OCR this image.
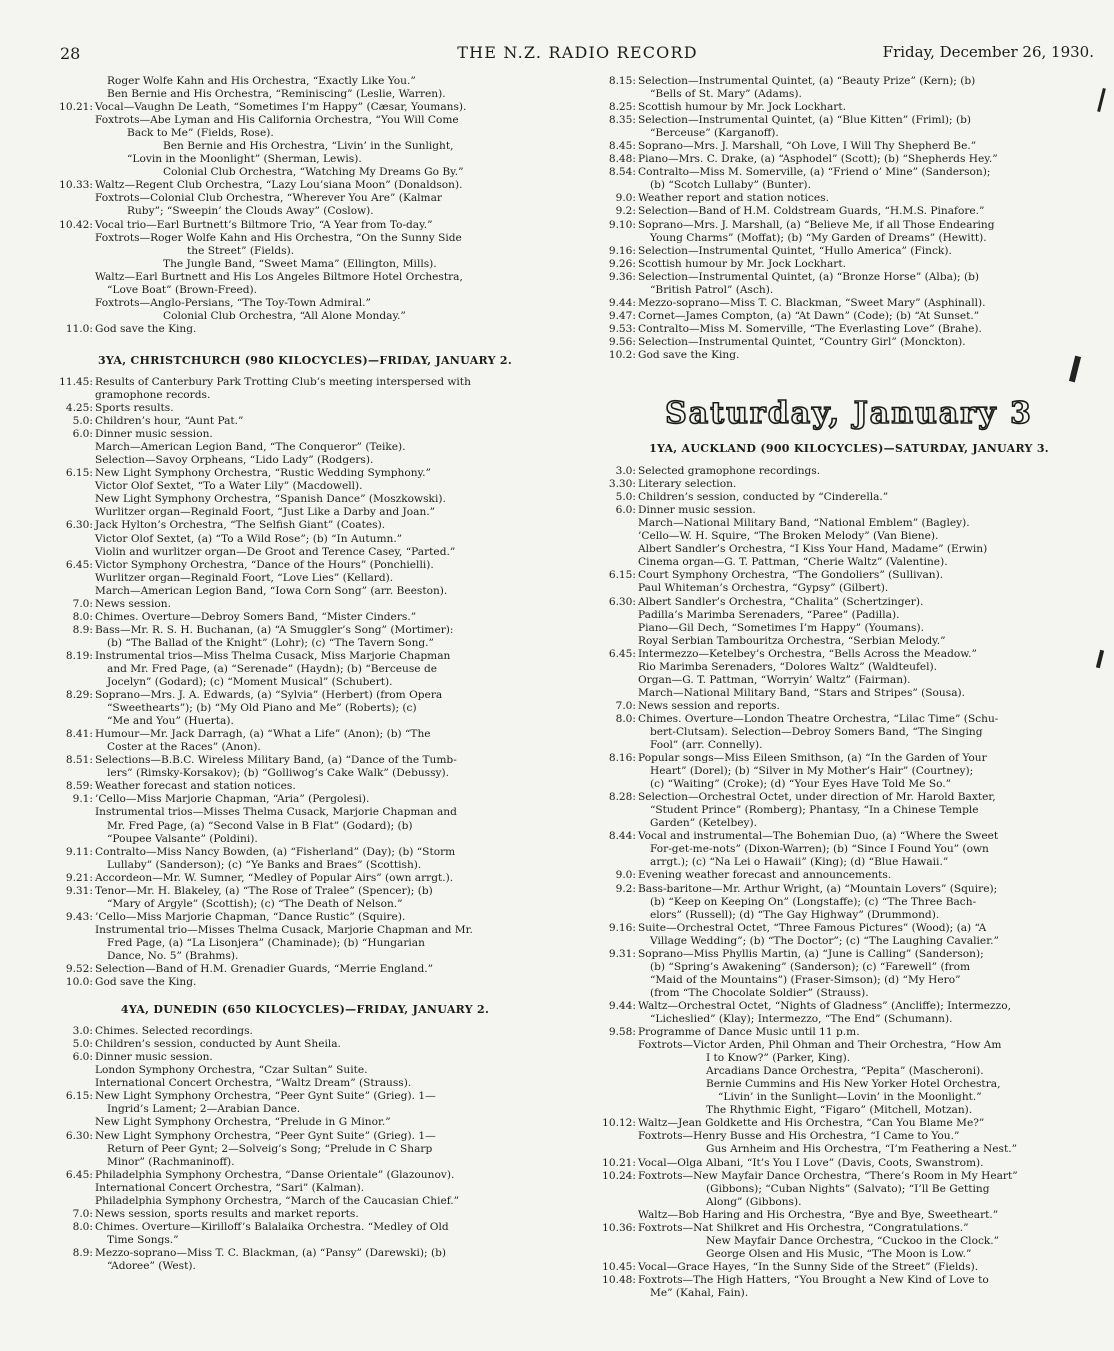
28	THE N.Z. RADIO RECORD	Friday, December 26, 1930.
Roger Wolfe Kahn and His Orchestra, “Exactly Like You.”
Ben Bernie and His Orchestra, “Reminiscing” (Leslie, Warren).
10.21: Vocal—Vaughn De Leath, “Sometimes I’m Happy” (Cæsar, Youmans).
Foxtrots—Abe Lyman and His California Orchestra, “You Will Come
Back to Me” (Fields, Rose).
Ben Bernie and His Orchestra, “Livin’ in the Sunlight,
“Lovin in the Moonlight” (Sherman, Lewis).
Colonial Club Orchestra, “Watching My Dreams Go By.”
10.33: Waltz—Regent Club Orchestra, “Lazy Lou’siana Moon” (Donaldson).
Foxtrots—Colonial Club Orchestra, “Wherever You Are” (Kalmar
Ruby”; “Sweepin’ the Clouds Away” (Coslow).
10.42: Vocal trio—Earl Burtnett’s Biltmore Trio, “A Year from To-day.”
Foxtrots—Roger Wolfe Kahn and His Orchestra, “On the Sunny Side
the Street” (Fields).
The Jungle Band, “Sweet Mama” (Ellington, Mills).
Waltz—Earl Burtnett and His Los Angeles Biltmore Hotel Orchestra,
“Love Boat” (Brown-Freed).
Foxtrots—Anglo-Persians, “The Toy-Town Admiral.”
Colonial Club Orchestra, “All Alone Monday.”
11.0: God save the King.
3YA, CHRISTCHURCH (980 KILOCYCLES)—FRIDAY, JANUARY 2.
11.45: Results of Canterbury Park Trotting Club’s meeting interspersed with
gramophone records.
4.25: Sports results.
5.0: Children’s hour, “Aunt Pat.”
6.0: Dinner music session.
March—American Legion Band, “The Conqueror” (Teike).
Selection—Savoy Orpheans, “Lido Lady” (Rodgers).
6.15: New Light Symphony Orchestra, “Rustic Wedding Symphony.”
Victor Olof Sextet, “To a Water Lily” (Macdowell).
New Light Symphony Orchestra, “Spanish Dance” (Moszkowski).
Wurlitzer organ—Reginald Foort, “Just Like a Darby and Joan.”
6.30: Jack Hylton’s Orchestra, “The Selfish Giant” (Coates).
Victor Olof Sextet, (a) “To a Wild Rose”; (b) “In Autumn.”
Violin and wurlitzer organ—De Groot and Terence Casey, “Parted.”
6.45: Victor Symphony Orchestra, “Dance of the Hours” (Ponchielli).
Wurlitzer organ—Reginald Foort, “Love Lies” (Kellard).
March—American Legion Band, “Iowa Corn Song” (arr. Beeston).
7.0: News session.
8.0: Chimes. Overture—Debroy Somers Band, “Mister Cinders.”
8.9: Bass—Mr. R. S. H. Buchanan, (a) “A Smuggler’s Song” (Mortimer):
(b) “The Ballad of the Knight” (Lohr); (c) “The Tavern Song.”
8.19: Instrumental trios—Miss Thelma Cusack, Miss Marjorie Chapman
and Mr. Fred Page, (a) “Serenade” (Haydn); (b) “Berceuse de
Jocelyn” (Godard); (c) “Moment Musical” (Schubert).
8.29: Soprano—Mrs. J. A. Edwards, (a) “Sylvia” (Herbert) (from Opera
“Sweethearts”); (b) “My Old Piano and Me” (Roberts); (c)
“Me and You” (Huerta).
8.41: Humour—Mr. Jack Darragh, (a) “What a Life” (Anon); (b) “The
Coster at the Races” (Anon).
8.51: Selections—B.B.C. Wireless Military Band, (a) “Dance of the Tumb-
lers” (Rimsky-Korsakov); (b) “Golliwog’s Cake Walk” (Debussy).
8.59: Weather forecast and station notices.
9.1: ’Cello—Miss Marjorie Chapman, “Aria” (Pergolesi).
Instrumental trios—Misses Thelma Cusack, Marjorie Chapman and
Mr. Fred Page, (a) “Second Valse in B Flat” (Godard); (b)
“Poupee Valsante” (Poldini).
9.11: Contralto—Miss Nancy Bowden, (a) “Fisherland” (Day); (b) “Storm
Lullaby” (Sanderson); (c) “Ye Banks and Braes” (Scottish).
9.21: Accordeon—Mr. W. Sumner, “Medley of Popular Airs” (own arrgt.).
9.31: Tenor—Mr. H. Blakeley, (a) “The Rose of Tralee” (Spencer); (b)
“Mary of Argyle” (Scottish); (c) “The Death of Nelson.”
9.43: ’Cello—Miss Marjorie Chapman, “Dance Rustic” (Squire).
Instrumental trio—Misses Thelma Cusack, Marjorie Chapman and Mr.
Fred Page, (a) “La Lisonjera” (Chaminade); (b) “Hungarian
Dance, No. 5” (Brahms).
9.52: Selection—Band of H.M. Grenadier Guards, “Merrie England.”
10.0: God save the King.
4YA, DUNEDIN (650 KILOCYCLES)—FRIDAY, JANUARY 2.
3.0: Chimes. Selected recordings.
5.0: Children’s session, conducted by Aunt Sheila.
6.0: Dinner music session.
London Symphony Orchestra, “Czar Sultan” Suite.
International Concert Orchestra, “Waltz Dream” (Strauss).
6.15: New Light Symphony Orchestra, “Peer Gynt Suite” (Grieg). 1—
Ingrid’s Lament; 2—Arabian Dance.
New Light Symphony Orchestra, “Prelude in G Minor.”
6.30: New Light Symphony Orchestra, “Peer Gynt Suite” (Grieg). 1—
Return of Peer Gynt; 2—Solveig’s Song; “Prelude in C Sharp
Minor” (Rachmaninoff).
6.45: Philadelphia Symphony Orchestra, “Danse Orientale” (Glazounov).
International Concert Orchestra, “Sari” (Kalman).
Philadelphia Symphony Orchestra, “March of the Caucasian Chief.”
7.0: News session, sports results and market reports.
8.0: Chimes. Overture—Kirilloff’s Balalaika Orchestra. “Medley of Old
Time Songs.”
8.9: Mezzo-soprano—Miss T. C. Blackman, (a) “Pansy” (Darewski); (b)
“Adoree” (West).
8.15: Selection—Instrumental Quintet, (a) “Beauty Prize” (Kern); (b)
“Bells of St. Mary” (Adams).
8.25: Scottish humour by Mr. Jock Lockhart.
8.35: Selection—Instrumental Quintet, (a) “Blue Kitten” (Friml); (b)
“Berceuse” (Karganoff).
8.45: Soprano—Mrs. J. Marshall, “Oh Love, I Will Thy Shepherd Be.”
8.48: Piano—Mrs. C. Drake, (a) “Asphodel” (Scott); (b) “Shepherds Hey.”
8.54: Contralto—Miss M. Somerville, (a) “Friend o’ Mine” (Sanderson);
(b) “Scotch Lullaby” (Bunter).
9.0: Weather report and station notices.
9.2: Selection—Band of H.M. Coldstream Guards, “H.M.S. Pinafore.”
9.10: Soprano—Mrs. J. Marshall, (a) “Believe Me, if all Those Endearing
Young Charms” (Moffat); (b) “My Garden of Dreams” (Hewitt).
9.16: Selection—Instrumental Quintet, “Hullo America” (Finck).
9.26: Scottish humour by Mr. Jock Lockhart.
9.36: Selection—Instrumental Quintet, (a) “Bronze Horse” (Alba); (b)
“British Patrol” (Asch).
9.44: Mezzo-soprano—Miss T. C. Blackman, “Sweet Mary” (Asphinall).
9.47: Cornet—James Compton, (a) “At Dawn” (Code); (b) “At Sunset.”
9.53: Contralto—Miss M. Somerville, “The Everlasting Love” (Brahe).
9.56: Selection—Instrumental Quintet, “Country Girl” (Monckton).
10.2: God save the King.
Saturday, January 3
1YA, AUCKLAND (900 KILOCYCLES)—SATURDAY, JANUARY 3.
3.0: Selected gramophone recordings.
3.30: Literary selection.
5.0: Children’s session, conducted by “Cinderella.”
6.0: Dinner music session.
March—National Military Band, “National Emblem” (Bagley).
’Cello—W. H. Squire, “The Broken Melody” (Van Biene).
Albert Sandler’s Orchestra, “I Kiss Your Hand, Madame” (Erwin)
Cinema organ—G. T. Pattman, “Cherie Waltz” (Valentine).
6.15: Court Symphony Orchestra, “The Gondoliers” (Sullivan).
Paul Whiteman’s Orchestra, “Gypsy” (Gilbert).
6.30: Albert Sandler’s Orchestra, “Chalita” (Schertzinger).
Padilla’s Marimba Serenaders, “Paree” (Padilla).
Piano—Gil Dech, “Sometimes I’m Happy” (Youmans).
Royal Serbian Tambouritza Orchestra, “Serbian Melody.”
6.45: Intermezzo—Ketelbey’s Orchestra, “Bells Across the Meadow.”
Rio Marimba Serenaders, “Dolores Waltz” (Waldteufel).
Organ—G. T. Pattman, “Worryin’ Waltz” (Fairman).
March—National Military Band, “Stars and Stripes” (Sousa).
7.0: News session and reports.
8.0: Chimes. Overture—London Theatre Orchestra, “Lilac Time” (Schu-
bert-Clutsam). Selection—Debroy Somers Band, “The Singing
Fool” (arr. Connelly).
8.16: Popular songs—Miss Eileen Smithson, (a) “In the Garden of Your
Heart” (Dorel); (b) “Silver in My Mother’s Hair” (Courtney);
(c) “Waiting” (Croke); (d) “Your Eyes Have Told Me So.”
8.28: Selection—Orchestral Octet, under direction of Mr. Harold Baxter,
“Student Prince” (Romberg); Phantasy, “In a Chinese Temple
Garden” (Ketelbey).
8.44: Vocal and instrumental—The Bohemian Duo, (a) “Where the Sweet
For-get-me-nots” (Dixon-Warren); (b) “Since I Found You” (own
arrgt.); (c) “Na Lei o Hawaii” (King); (d) “Blue Hawaii.”
9.0: Evening weather forecast and announcements.
9.2: Bass-baritone—Mr. Arthur Wright, (a) “Mountain Lovers” (Squire);
(b) “Keep on Keeping On” (Longstaffe); (c) “The Three Bach-
elors” (Russell); (d) “The Gay Highway” (Drummond).
9.16: Suite—Orchestral Octet, “Three Famous Pictures” (Wood); (a) “A
Village Wedding”; (b) “The Doctor”; (c) “The Laughing Cavalier.”
9.31: Soprano—Miss Phyllis Martin, (a) “June is Calling” (Sanderson);
(b) “Spring’s Awakening” (Sanderson); (c) “Farewell” (from
“Maid of the Mountains”) (Fraser-Simson); (d) “My Hero”
(from “The Chocolate Soldier” (Strauss).
9.44: Waltz—Orchestral Octet, “Nights of Gladness” (Ancliffe); Intermezzo,
“Licheslied” (Klay); Intermezzo, “The End” (Schumann).
9.58: Programme of Dance Music until 11 p.m.
Foxtrots—Victor Arden, Phil Ohman and Their Orchestra, “How Am
I to Know?” (Parker, King).
Arcadians Dance Orchestra, “Pepita” (Mascheroni).
Bernie Cummins and His New Yorker Hotel Orchestra,
“Livin’ in the Sunlight—Lovin’ in the Moonlight.”
The Rhythmic Eight, “Figaro” (Mitchell, Motzan).
10.12: Waltz—Jean Goldkette and His Orchestra, “Can You Blame Me?”
Foxtrots—Henry Busse and His Orchestra, “I Came to You.”
Gus Arnheim and His Orchestra, “I’m Feathering a Nest.”
10.21: Vocal—Olga Albani, “It’s You I Love” (Davis, Coots, Swanstrom).
10.24: Foxtrots—New Mayfair Dance Orchestra, “There’s Room in My Heart”
(Gibbons); “Cuban Nights” (Salvato); “I’ll Be Getting
Along” (Gibbons).
Waltz—Bob Haring and His Orchestra, “Bye and Bye, Sweetheart.”
10.36: Foxtrots—Nat Shilkret and His Orchestra, “Congratulations.”
New Mayfair Dance Orchestra, “Cuckoo in the Clock.”
George Olsen and His Music, “The Moon is Low.”
10.45: Vocal—Grace Hayes, “In the Sunny Side of the Street” (Fields).
10.48: Foxtrots—The High Hatters, “You Brought a New Kind of Love to
Me” (Kahal, Fain).
